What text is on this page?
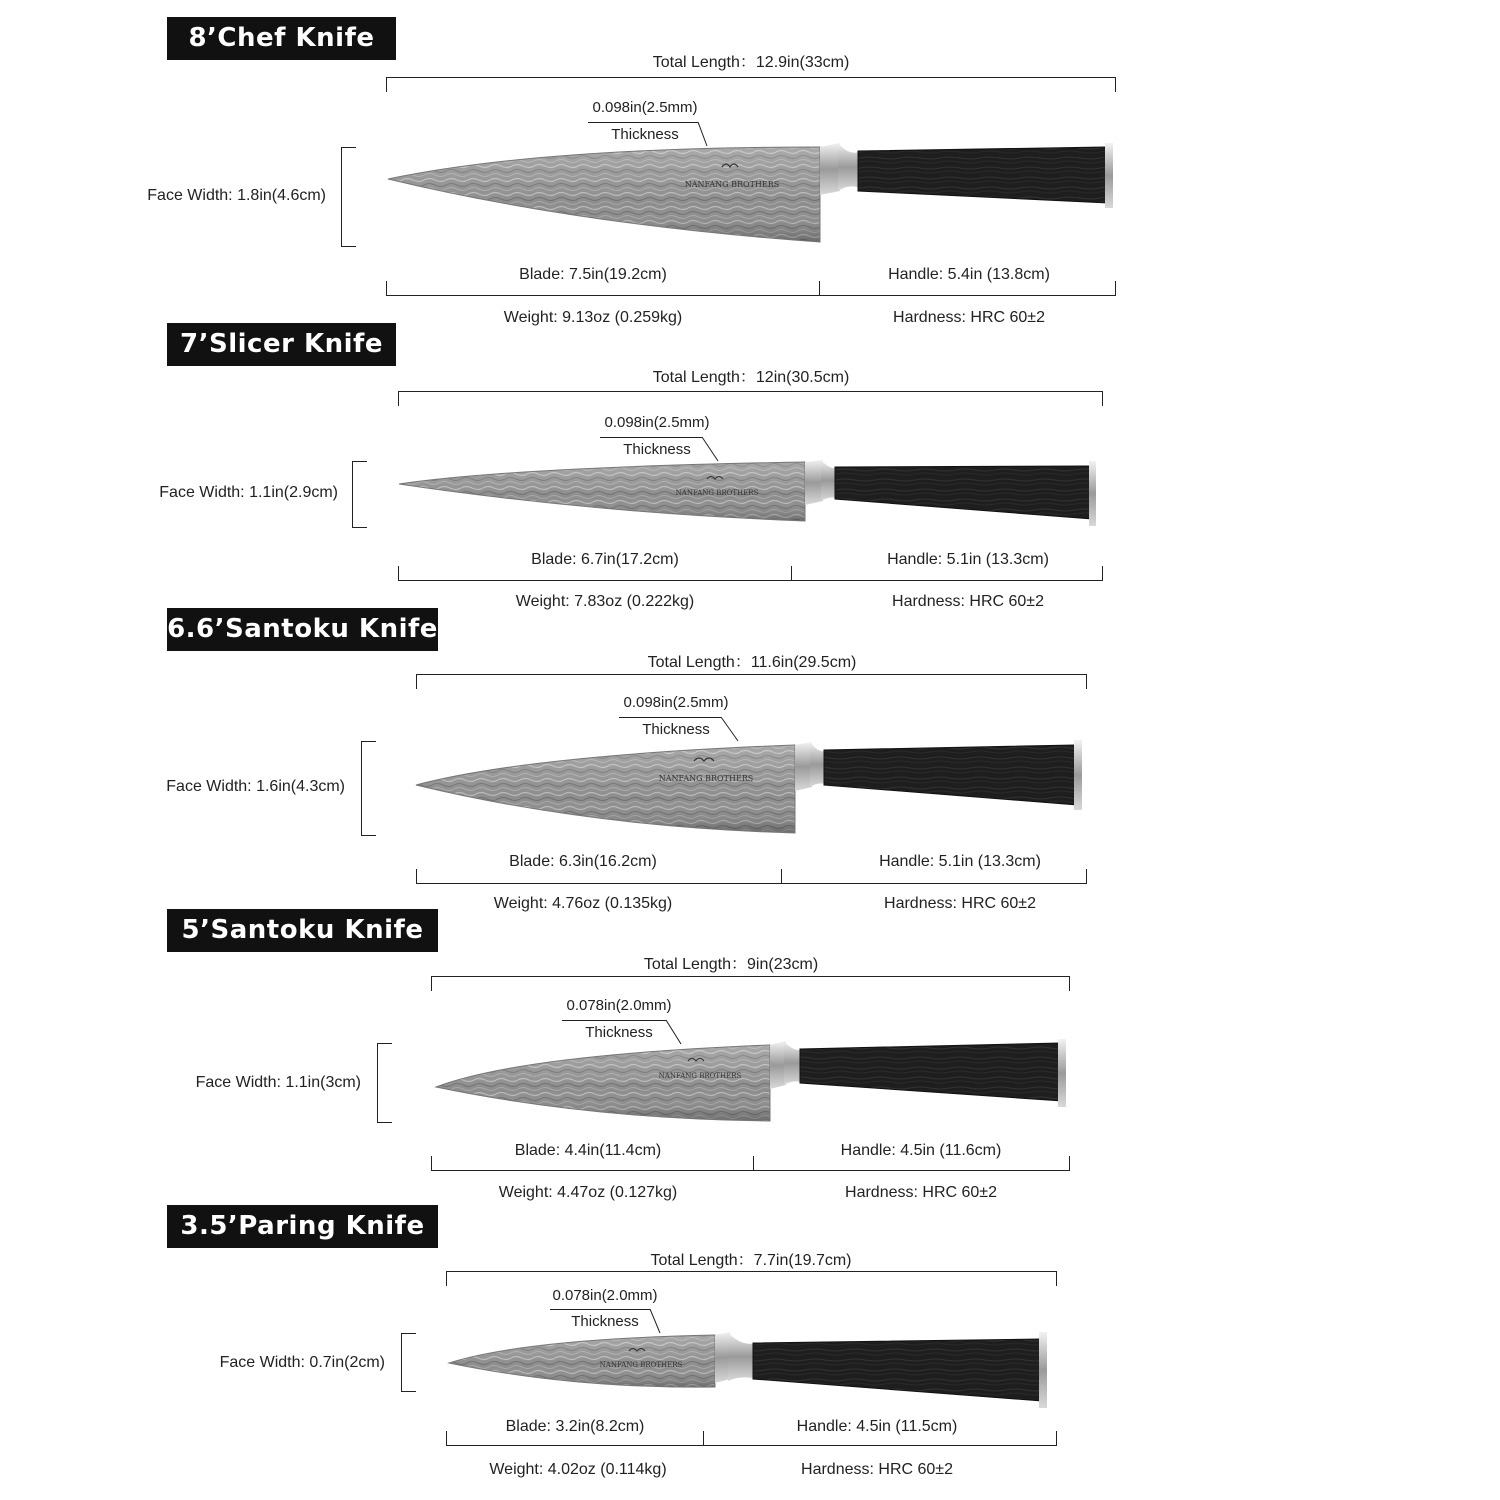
8’Chef Knife
Total Length：12.9in(33cm)
0.098in(2.5mm)
Thickness
Face Width: 1.8in(4.6cm)
NANFANG BROTHERS
Blade: 7.5in(19.2cm)	Handle: 5.4in (13.8cm)
Weight: 9.13oz (0.259kg)	Hardness: HRC 60±2
7’Slicer Knife
Total Length：12in(30.5cm)
0.098in(2.5mm)
Thickness
Face Width: 1.1in(2.9cm)	NANFANG BROTHERS
Blade: 6.7in(17.2cm)	Handle: 5.1in (13.3cm)
Weight: 7.83oz (0.222kg)	Hardness: HRC 60±2
6.6’Santoku Knife
Total Length：11.6in(29.5cm)
0.098in(2.5mm)
Thickness
Face Width: 1.6in(4.3cm)	NANFANG BROTHERS
Blade: 6.3in(16.2cm)	Handle: 5.1in (13.3cm)
Weight: 4.76oz (0.135kg)	Hardness: HRC 60±2
5’Santoku Knife
Total Length：9in(23cm)
0.078in(2.0mm)
Thickness
Face Width: 1.1in(3cm)	NANFANG BROTHERS
Blade: 4.4in(11.4cm)	Handle: 4.5in (11.6cm)
Weight: 4.47oz (0.127kg)	Hardness: HRC 60±2
3.5’Paring Knife
Total Length：7.7in(19.7cm)
0.078in(2.0mm)
Thickness
Face Width: 0.7in(2cm)	NANFANG BROTHERS
Blade: 3.2in(8.2cm)	Handle: 4.5in (11.5cm)
Weight: 4.02oz (0.114kg)	Hardness: HRC 60±2
